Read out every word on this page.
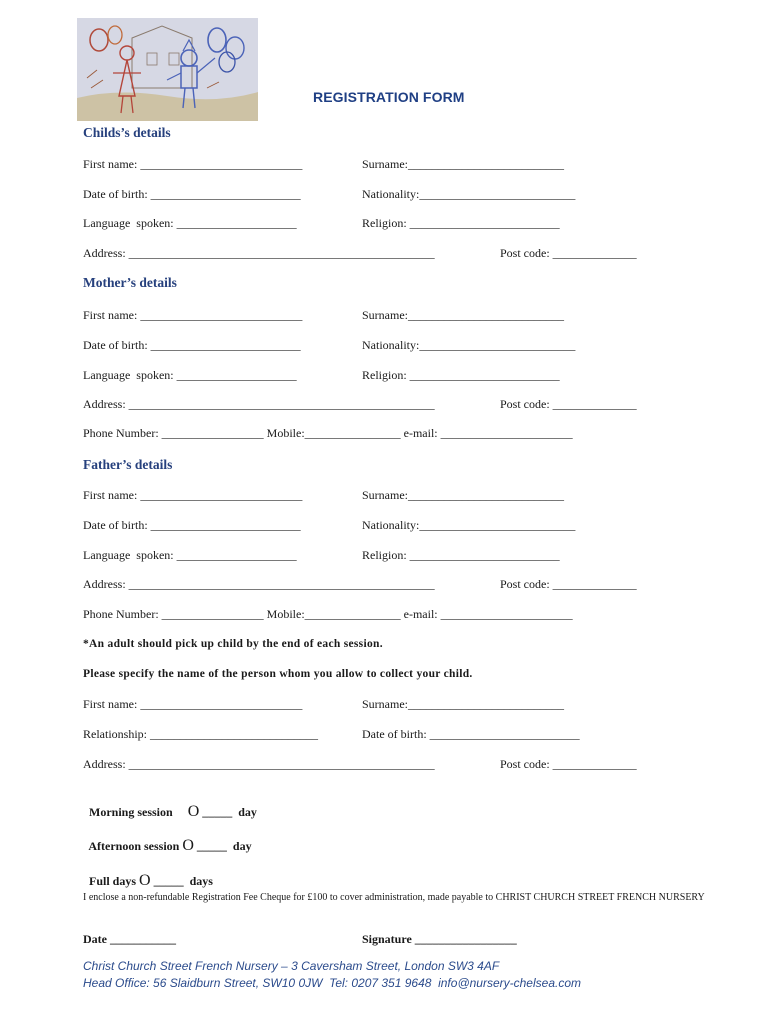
REGISTRATION FORM
Childs’s details
First name: ___________________________	Surname:__________________________
Date of birth: _________________________	Nationality:__________________________
Language  spoken: ____________________	Religion: _________________________
Address: ___________________________________________________	Post code: ______________
Mother’s details
First name: ___________________________	Surname:__________________________
Date of birth: _________________________	Nationality:__________________________
Language  spoken: ____________________	Religion: _________________________
Address: ___________________________________________________	Post code: ______________
Phone Number: _________________ Mobile:________________ e-mail: ______________________
Father’s details
First name: ___________________________	Surname:__________________________
Date of birth: _________________________	Nationality:__________________________
Language  spoken: ____________________	Religion: _________________________
Address: ___________________________________________________	Post code: ______________
Phone Number: _________________ Mobile:________________ e-mail: ______________________
*An adult should pick up child by the end of each session.
Please specify the name of the person whom you allow to collect your child.
First name: ___________________________	Surname:__________________________
Relationship: ____________________________	Date of birth: _________________________
Address: ___________________________________________________	Post code: ______________

Morning session O _____  day

Afternoon session O _____  day

Full days O _____  days

I enclose a non-refundable Registration Fee Cheque for £100 to cover administration, made payable to CHRIST CHURCH STREET FRENCH NURSERY
Date ___________	Signature _________________
Christ Church Street French Nursery – 3 Caversham Street, London SW3 4AF
Head Office: 56 Slaidburn Street, SW10 0JW  Tel: 0207 351 9648  info@nursery-chelsea.com
